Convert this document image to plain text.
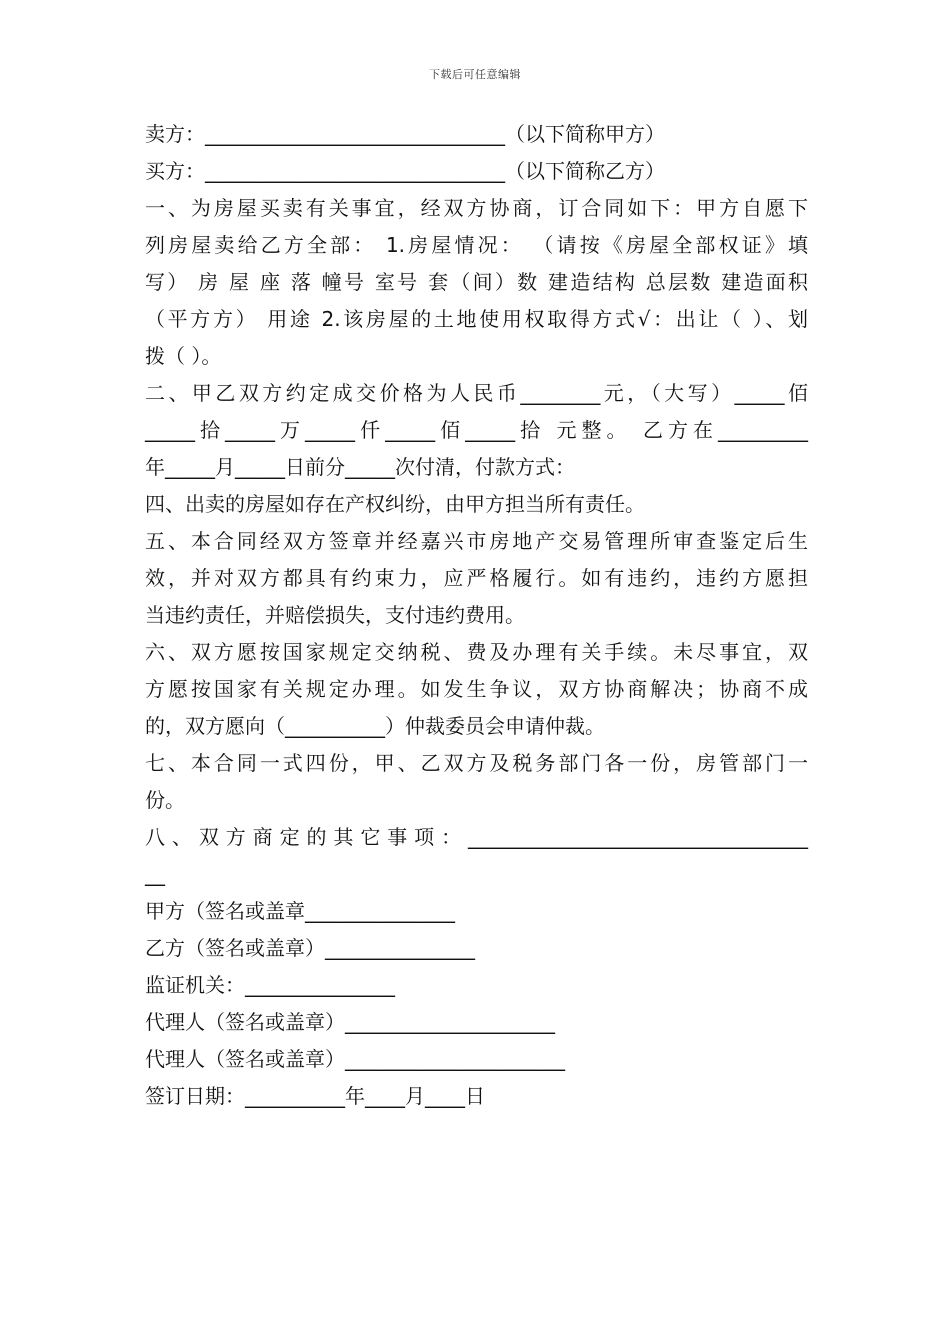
下载后可任意编辑
卖方：______________________________（以下简称甲方）
买方：______________________________（以下简称乙方）
一、为房屋买卖有关事宜，经双方协商，订合同如下：甲方自愿下
列房屋卖给乙方全部： 1.房屋情况： （请按《房屋全部权证》填
写） 房 屋 座 落 幢号 室号 套（间）数 建造结构 总层数 建造面积
（平方方） 用途 2.该房屋的土地使用权取得方式√：出让（ ）、划
拨（ ）。
二、甲乙双方约定成交价格为人民币________元，（大写）_____佰
_____拾_____万_____仟_____佰_____拾 元整。 乙方在_________
年_____月_____日前分_____次付清，付款方式：
四、出卖的房屋如存在产权纠纷，由甲方担当所有责任。
五、本合同经双方签章并经嘉兴市房地产交易管理所审查鉴定后生
效，并对双方都具有约束力，应严格履行。如有违约，违约方愿担
当违约责任，并赔偿损失，支付违约费用。
六、双方愿按国家规定交纳税、费及办理有关手续。未尽事宜，双
方愿按国家有关规定办理。如发生争议，双方协商解决；协商不成
的，双方愿向（__________）仲裁委员会申请仲裁。
七、本合同一式四份，甲、乙双方及税务部门各一份，房管部门一
份。
八、双方商定的其它事项：__________________________________
__
甲方（签名或盖章_______________
乙方（签名或盖章）_______________
监证机关：_______________
代理人（签名或盖章）_____________________
代理人（签名或盖章）______________________
签订日期：__________年____月____日
